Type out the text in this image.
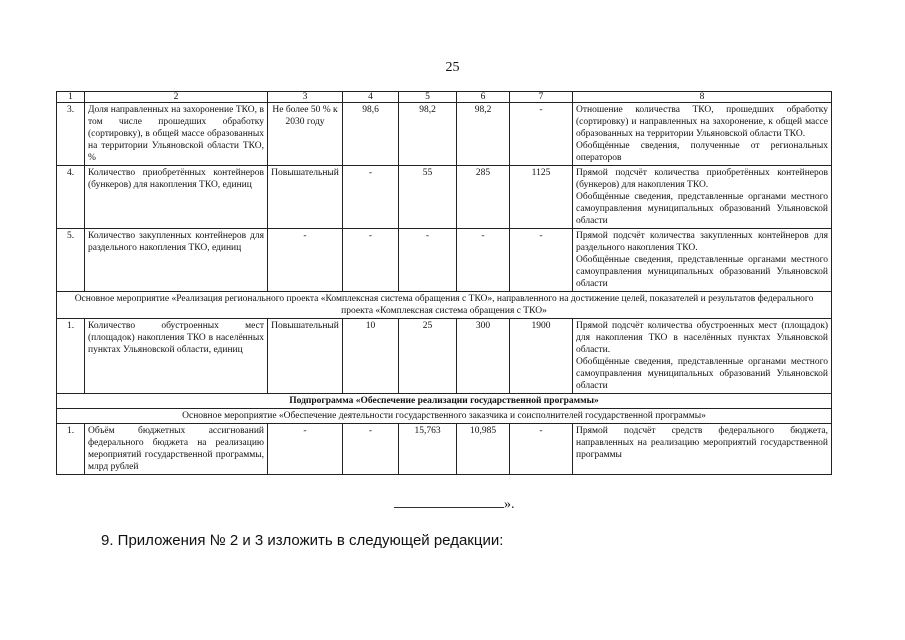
25
1	2	3	4	5	6	7	8
3.	Доля направленных на захоронение ТКО, в том числе прошедших обработку (сортировку), в общей массе образованных на территории Ульяновской области ТКО, %	Не более 50 % к 2030 году	98,6	98,2	98,2	-	Отношение количества ТКО, прошедших обработку (сортировку) и направленных на захоронение, к общей массе образованных на территории Ульяновской области ТКО.
Обобщённые сведения, полученные от региональных операторов

4.	Количество приобретённых контейнеров (бункеров) для накопления ТКО, единиц	Повышательный	-	55	285	1125	Прямой подсчёт количества приобретённых контейнеров (бункеров) для накопления ТКО.
Обобщённые сведения, представленные органами местного самоуправления муниципальных образований Ульяновской области

5.	Количество закупленных контейнеров для раздельного накопления ТКО, единиц	-	-	-	-	-	Прямой подсчёт количества закупленных контейнеров для раздельного накопления ТКО.
Обобщённые сведения, представленные органами местного самоуправления муниципальных образований Ульяновской области

Основное мероприятие «Реализация регионального проекта «Комплексная система обращения с ТКО», направленного на достижение целей, показателей и результатов федерального проекта «Комплексная система обращения с ТКО»							
1.	Количество обустроенных мест (площадок) накопления ТКО в населённых пунктах Ульяновской области, единиц	Повышательный	10	25	300	1900	Прямой подсчёт количества обустроенных мест (площадок) для накопления ТКО в населённых пунктах Ульяновской области.
Обобщённые сведения, представленные органами местного самоуправления муниципальных образований Ульяновской области

Подпрограмма «Обеспечение реализации государственной программы»							
Основное мероприятие «Обеспечение деятельности государственного заказчика и соисполнителей государственной программы»							
1.	Объём бюджетных ассигнований федерального бюджета на реализацию мероприятий государственной программы, млрд рублей	-	-	15,763	10,985	-	Прямой подсчёт средств федерального бюджета, направленных на реализацию мероприятий государственной программы
».
9. Приложения № 2 и 3 изложить в следующей редакции:
